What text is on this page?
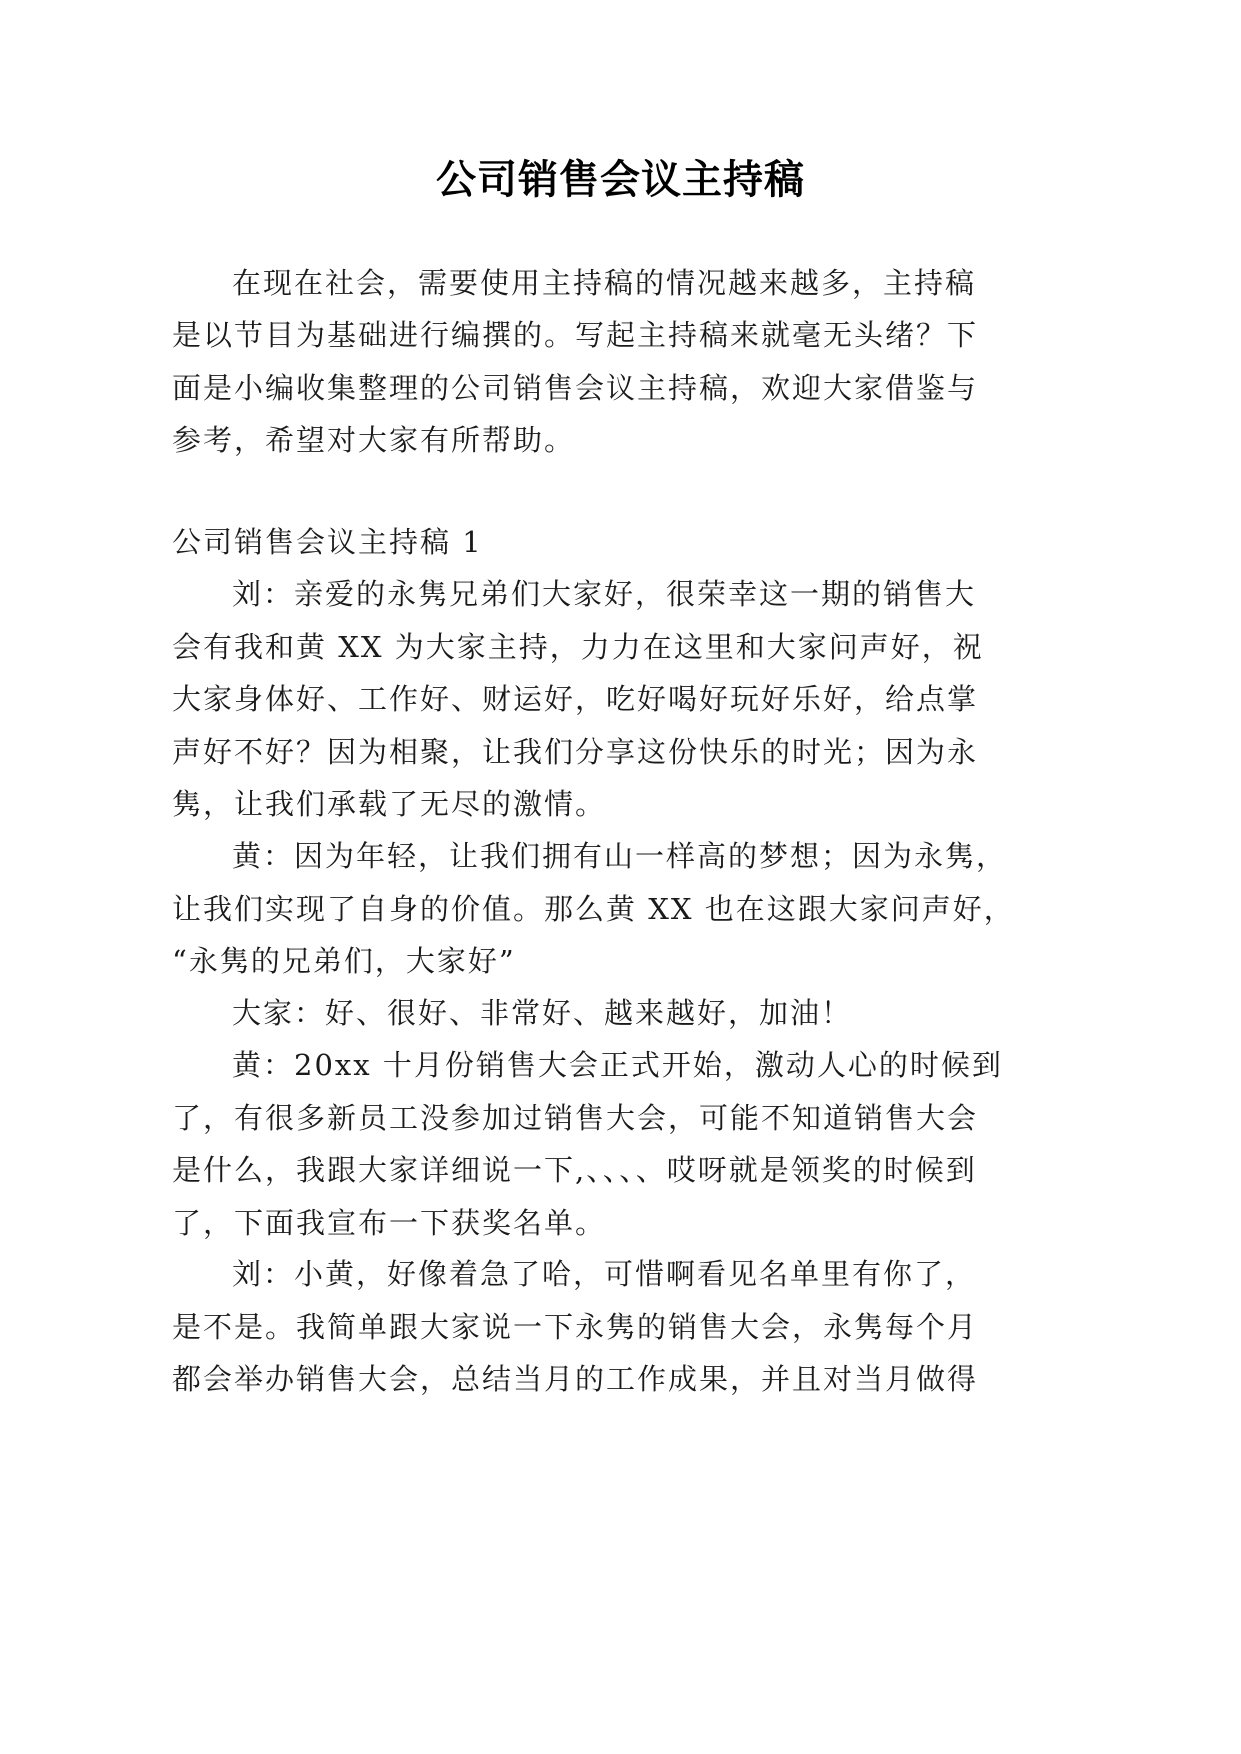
公司销售会议主持稿
在现在社会，需要使用主持稿的情况越来越多，主持稿
是以节目为基础进行编撰的。写起主持稿来就毫无头绪？下
面是小编收集整理的公司销售会议主持稿，欢迎大家借鉴与
参考，希望对大家有所帮助。
公司销售会议主持稿 1
刘：亲爱的永隽兄弟们大家好，很荣幸这一期的销售大
会有我和黄 XX 为大家主持，力力在这里和大家问声好，祝
大家身体好、工作好、财运好，吃好喝好玩好乐好，给点掌
声好不好？因为相聚，让我们分享这份快乐的时光；因为永
隽，让我们承载了无尽的激情。
黄：因为年轻，让我们拥有山一样高的梦想；因为永隽，
让我们实现了自身的价值。那么黄 XX 也在这跟大家问声好，
“永隽的兄弟们，大家好”
大家：好、很好、非常好、越来越好，加油！
黄：20xx 十月份销售大会正式开始，激动人心的时候到
了，有很多新员工没参加过销售大会，可能不知道销售大会
是什么，我跟大家详细说一下,、、、、哎呀就是领奖的时候到
了，下面我宣布一下获奖名单。
刘：小黄，好像着急了哈，可惜啊看见名单里有你了，
是不是。我简单跟大家说一下永隽的销售大会，永隽每个月
都会举办销售大会，总结当月的工作成果，并且对当月做得
